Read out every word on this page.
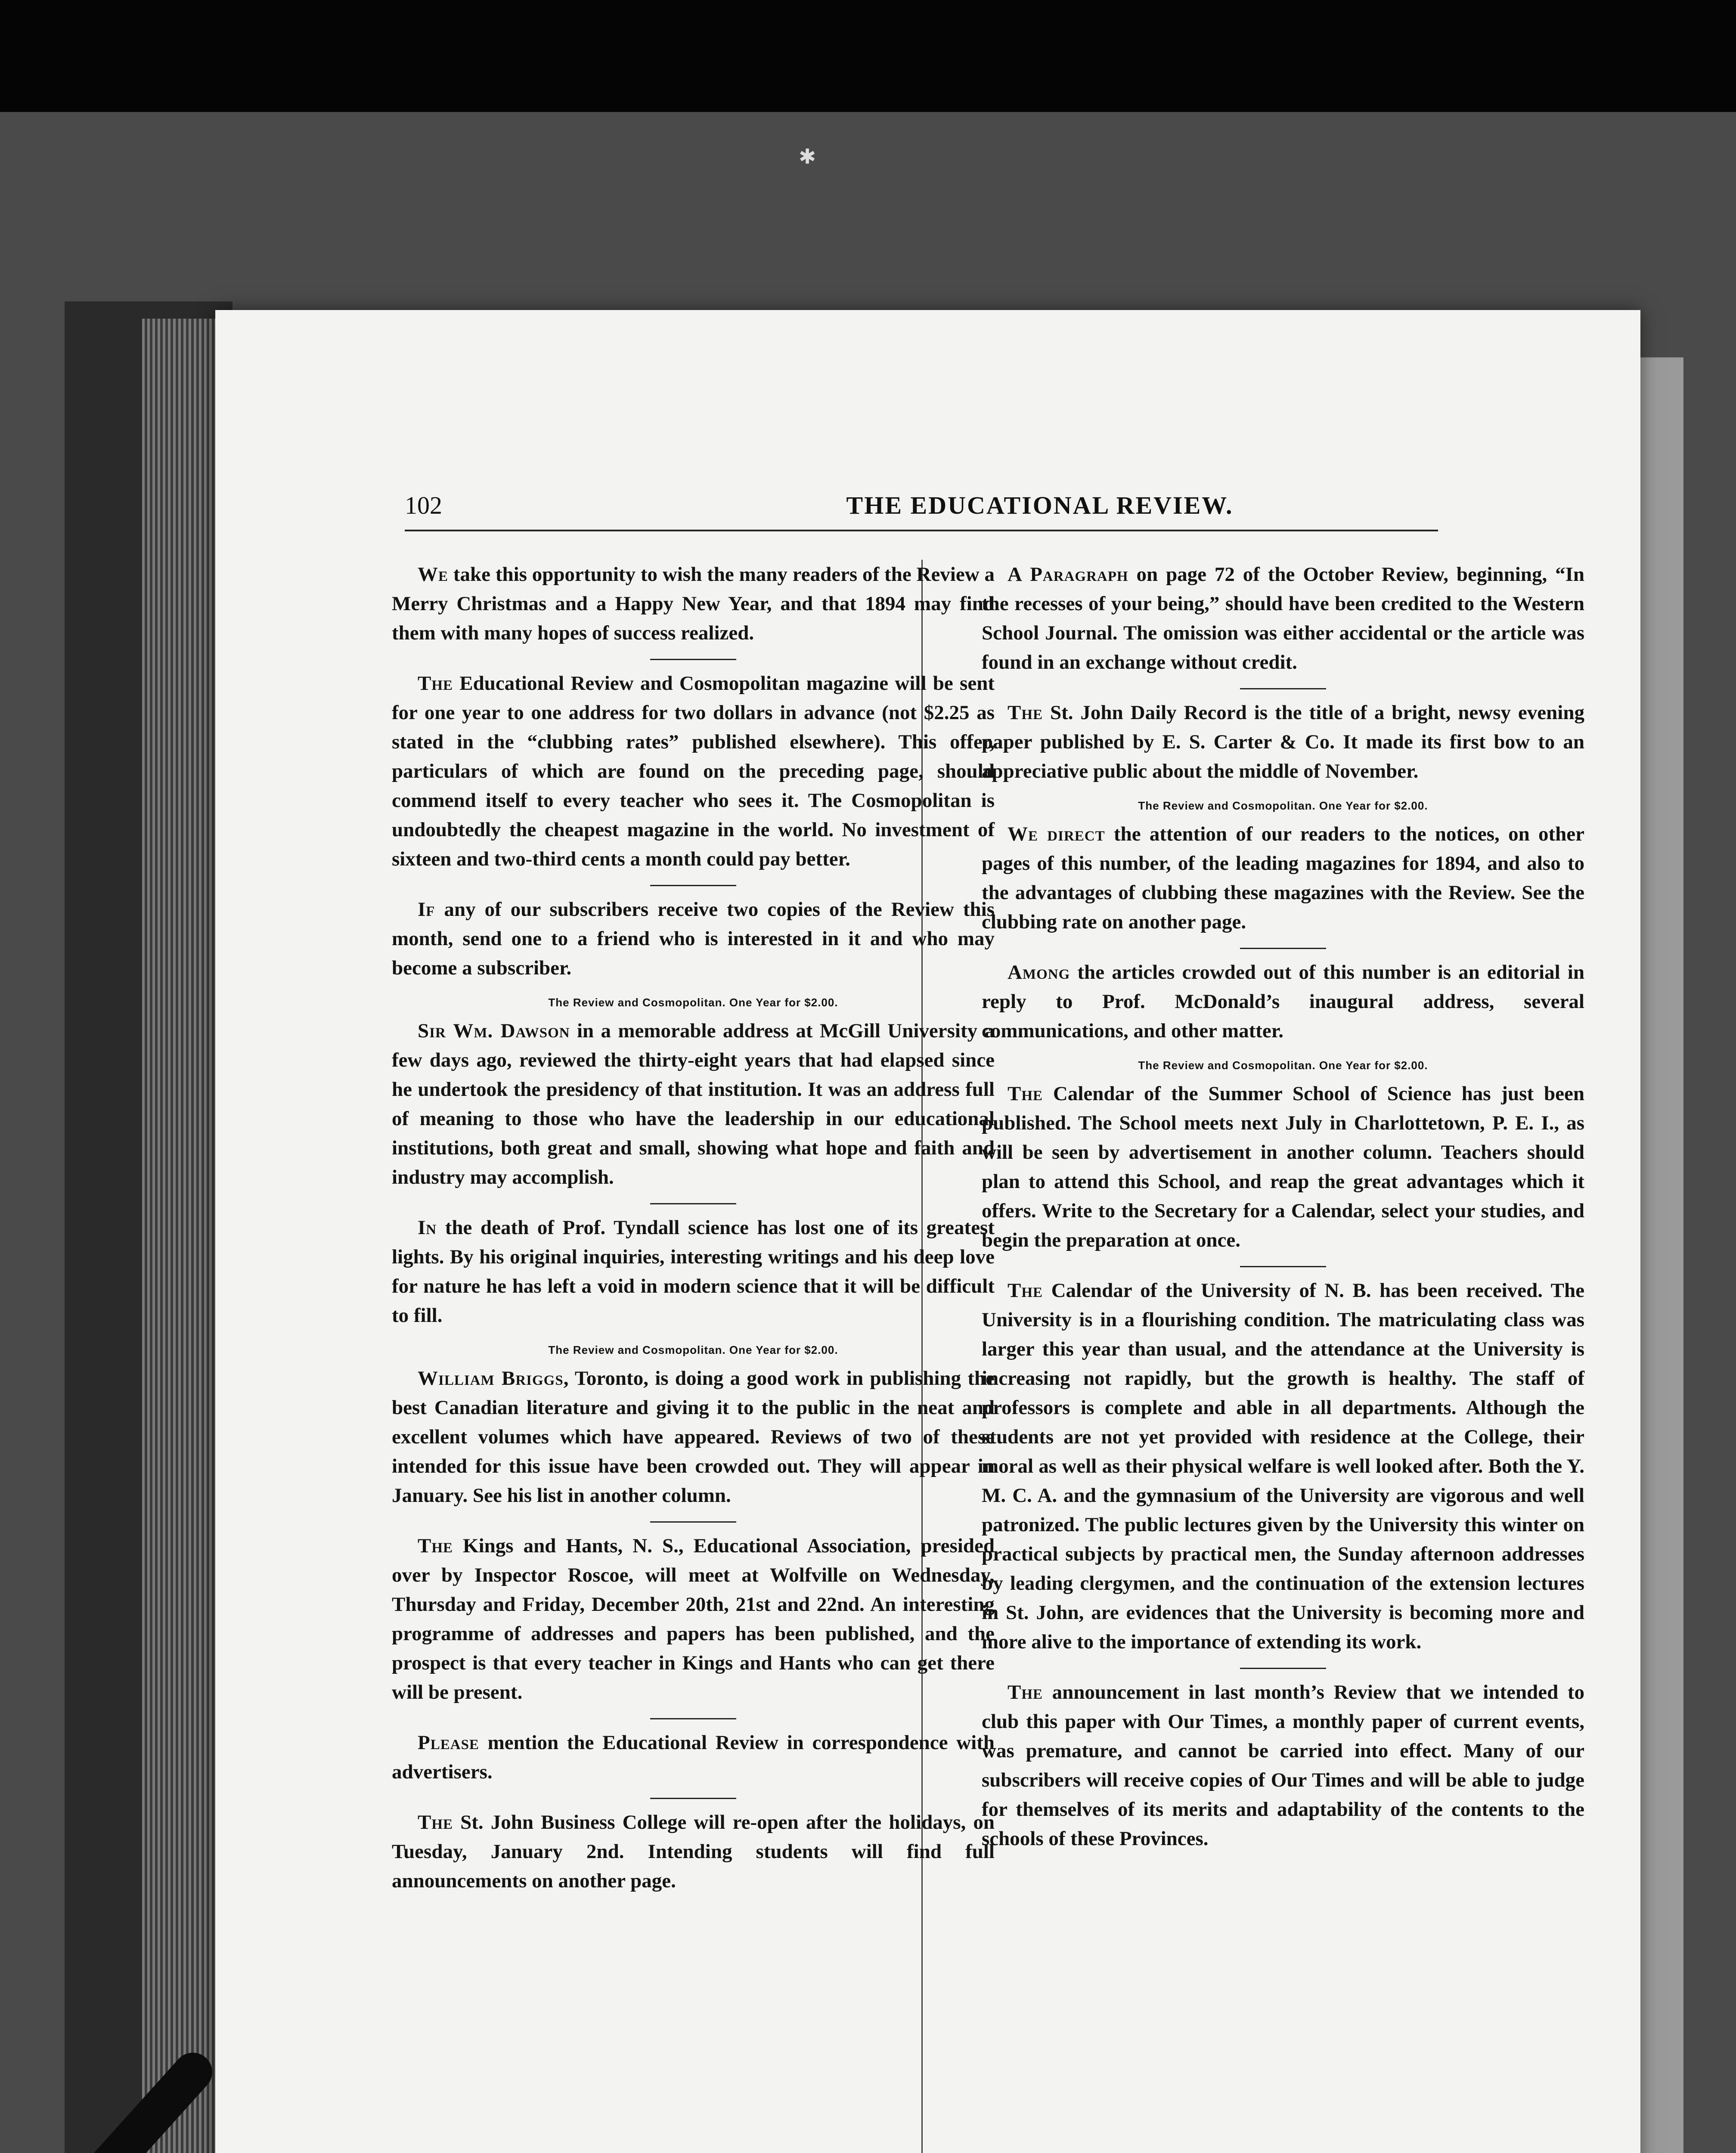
✱
102	THE EDUCATIONAL REVIEW.

We take this opportunity to wish the many readers of the Review a Merry Christmas and a Happy New Year, and that 1894 may find them with many hopes of success realized.

The Educational Review and Cosmopolitan magazine will be sent for one year to one address for two dollars in advance (not $2.25 as stated in the “clubbing rates” published elsewhere). This offer, particulars of which are found on the preceding page, should commend itself to every teacher who sees it. The Cosmopolitan is undoubtedly the cheapest magazine in the world. No investment of sixteen and two-third cents a month could pay better.

If any of our subscribers receive two copies of the Review this month, send one to a friend who is interested in it and who may become a subscriber.

The Review and Cosmopolitan. One Year for $2.00.

Sir Wm. Dawson in a memorable address at McGill University a few days ago, reviewed the thirty-eight years that had elapsed since he undertook the presidency of that institution. It was an address full of meaning to those who have the leadership in our educational institutions, both great and small, showing what hope and faith and industry may accomplish.

In the death of Prof. Tyndall science has lost one of its greatest lights. By his original inquiries, interesting writings and his deep love for nature he has left a void in modern science that it will be difficult to fill.

The Review and Cosmopolitan. One Year for $2.00.

William Briggs, Toronto, is doing a good work in publishing the best Canadian literature and giving it to the public in the neat and excellent volumes which have appeared. Reviews of two of these intended for this issue have been crowded out. They will appear in January. See his list in another column.

The Kings and Hants, N. S., Educational Association, presided over by Inspector Roscoe, will meet at Wolfville on Wednesday, Thursday and Friday, December 20th, 21st and 22nd. An interesting programme of addresses and papers has been published, and the prospect is that every teacher in Kings and Hants who can get there will be present.

Please mention the Educational Review in correspondence with advertisers.

The St. John Business College will re-open after the holidays, on Tuesday, January 2nd. Intending students will find full announcements on another page.

A Paragraph on page 72 of the October Review, beginning, “In the recesses of your being,” should have been credited to the Western School Journal. The omission was either accidental or the article was found in an exchange without credit.

The St. John Daily Record is the title of a bright, newsy evening paper published by E. S. Carter & Co. It made its first bow to an appreciative public about the middle of November.

The Review and Cosmopolitan. One Year for $2.00.

We direct the attention of our readers to the notices, on other pages of this number, of the leading magazines for 1894, and also to the advantages of clubbing these magazines with the Review. See the clubbing rate on another page.

Among the articles crowded out of this number is an editorial in reply to Prof. McDonald’s inaugural address, several communications, and other matter.

The Review and Cosmopolitan. One Year for $2.00.

The Calendar of the Summer School of Science has just been published. The School meets next July in Charlottetown, P. E. I., as will be seen by advertisement in another column. Teachers should plan to attend this School, and reap the great advantages which it offers. Write to the Secretary for a Calendar, select your studies, and begin the preparation at once.

The Calendar of the University of N. B. has been received. The University is in a flourishing condition. The matriculating class was larger this year than usual, and the attendance at the University is increasing not rapidly, but the growth is healthy. The staff of professors is complete and able in all departments. Although the students are not yet provided with residence at the College, their moral as well as their physical welfare is well looked after. Both the Y. M. C. A. and the gymnasium of the University are vigorous and well patronized. The public lectures given by the University this winter on practical subjects by practical men, the Sunday afternoon addresses by leading clergymen, and the continuation of the extension lectures in St. John, are evidences that the University is becoming more and more alive to the importance of extending its work.

The announcement in last month’s Review that we intended to club this paper with Our Times, a monthly paper of current events, was premature, and cannot be carried into effect. Many of our subscribers will receive copies of Our Times and will be able to judge for themselves of its merits and adaptability of the contents to the schools of these Provinces.
